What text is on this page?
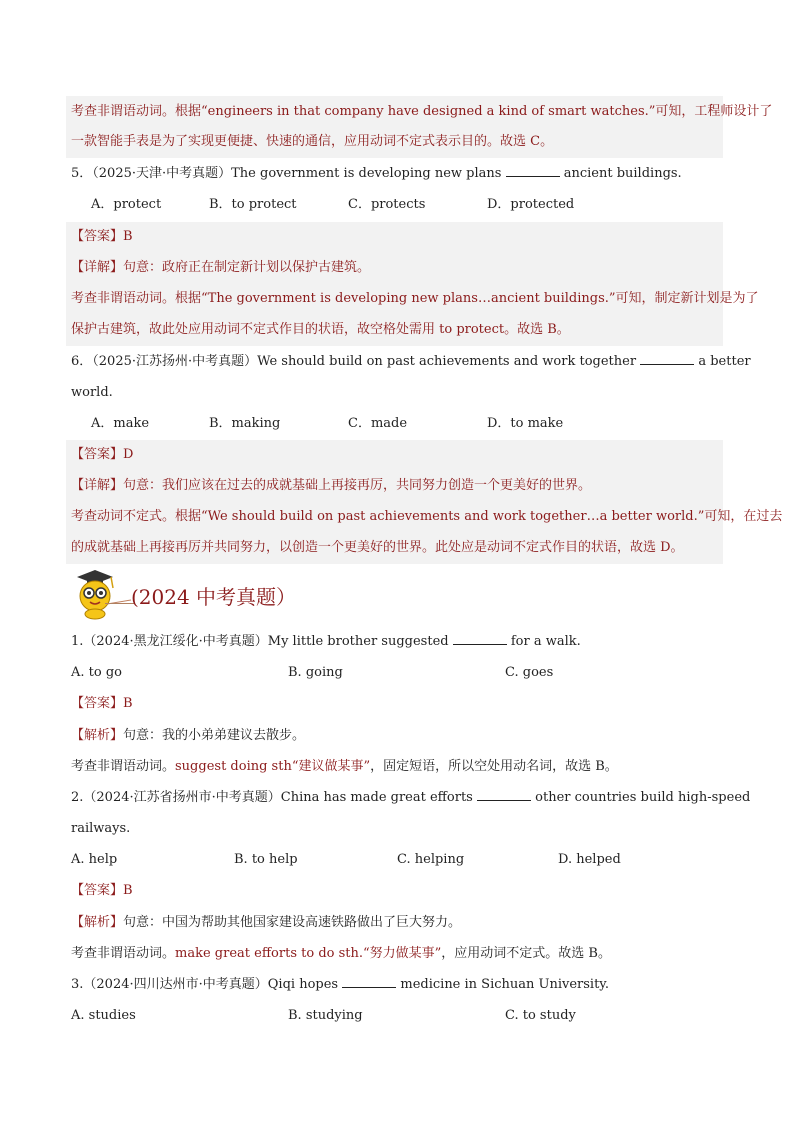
考查非谓语动词。根据“engineers in that company have designed a kind of smart watches.”可知，工程师设计了
一款智能手表是为了实现更便捷、快速的通信，应用动词不定式表示目的。故选 C。
5．（2025·天津·中考真题）The government is developing new plans	ancient buildings.
A．protect	B．to protect	C．protects	D．protected
【答案】B
【详解】句意：政府正在制定新计划以保护古建筑。
考查非谓语动词。根据“The government is developing new plans…ancient buildings.”可知，制定新计划是为了
保护古建筑，故此处应用动词不定式作目的状语，故空格处需用 to protect。故选 B。
6．（2025·江苏扬州·中考真题）We should build on past achievements and work together	a better
world.
A．make	B．making	C．made	D．to make
【答案】D
【详解】句意：我们应该在过去的成就基础上再接再厉，共同努力创造一个更美好的世界。
考查动词不定式。根据“We should build on past achievements and work together…a better world.”可知，在过去
的成就基础上再接再厉并共同努力，以创造一个更美好的世界。此处应是动词不定式作目的状语，故选 D。
(2024 中考真题）
1.（2024·黑龙江绥化·中考真题）My little brother suggested	for a walk.
A. to go	B. going	C. goes
【答案】B
【解析】句意：我的小弟弟建议去散步。
考查非谓语动词。suggest doing sth“建议做某事”，固定短语，所以空处用动名词，故选 B。
2.（2024·江苏省扬州市·中考真题）China has made great efforts	other countries build high-speed
railways.
A. help	B. to help	C. helping	D. helped
【答案】B
【解析】句意：中国为帮助其他国家建设高速铁路做出了巨大努力。
考查非谓语动词。make great efforts to do sth.“努力做某事”，应用动词不定式。故选 B。
3.（2024·四川达州市·中考真题）Qiqi hopes	medicine in Sichuan University.
A. studies	B. studying	C. to study
